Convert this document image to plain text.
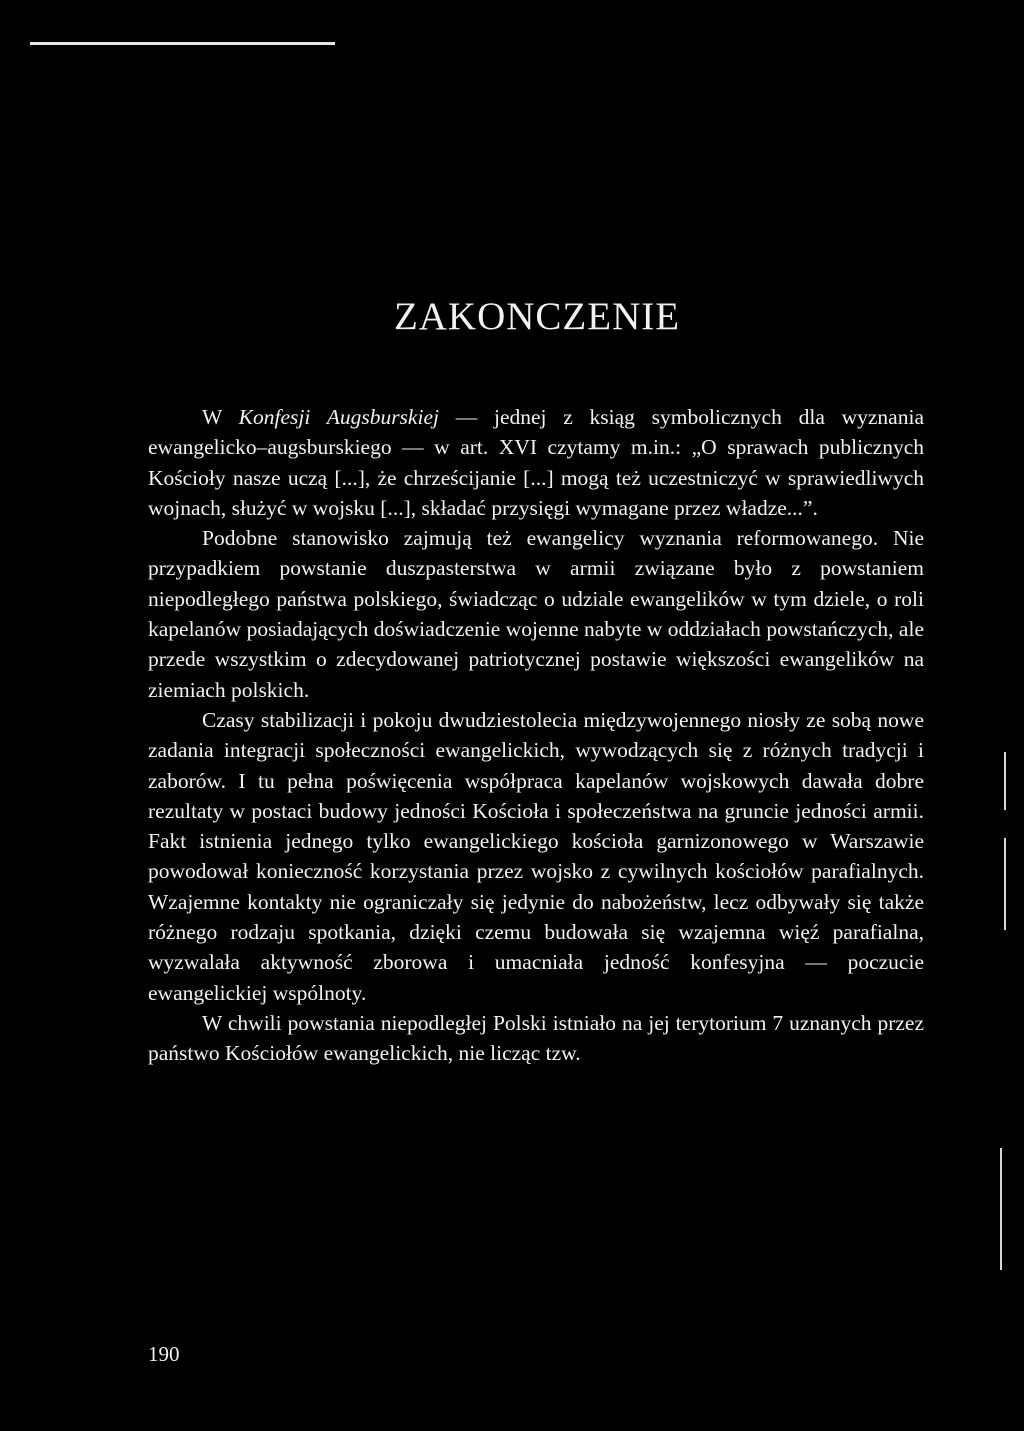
ZAKONCZENIE

W Konfesji Augsburskiej — jednej z ksiąg symbolicznych dla wyznania ewangelicko–augsburskiego — w art. XVI czytamy m.in.: „O sprawach publicznych Kościoły nasze uczą [...], że chrześcijanie [...] mogą też uczestniczyć w sprawiedliwych wojnach, służyć w wojsku [...], składać przysięgi wymagane przez władze...”.

Podobne stanowisko zajmują też ewangelicy wyznania reformowanego. Nie przypadkiem powstanie duszpasterstwa w armii związane było z powstaniem niepodległego państwa polskiego, świadcząc o udziale ewangelików w tym dziele, o roli kapelanów posiadających doświadczenie wojenne nabyte w oddziałach powstańczych, ale przede wszystkim o zdecydowanej patriotycznej postawie większości ewangelików na ziemiach polskich.

Czasy stabilizacji i pokoju dwudziestolecia międzywojennego niosły ze sobą nowe zadania integracji społeczności ewangelickich, wywodzących się z różnych tradycji i zaborów. I tu pełna poświęcenia współpraca kapelanów wojskowych dawała dobre rezultaty w postaci budowy jedności Kościoła i społeczeństwa na gruncie jedności armii. Fakt istnienia jednego tylko ewangelickiego kościoła garnizonowego w Warszawie powodował konieczność korzystania przez wojsko z cywilnych kościołów parafialnych. Wzajemne kontakty nie ograniczały się jedynie do nabożeństw, lecz odbywały się także różnego rodzaju spotkania, dzięki czemu budowała się wzajemna więź parafialna, wyzwalała aktywność zborowa i umacniała jedność konfesyjna — poczucie ewangelickiej wspólnoty.

W chwili powstania niepodległej Polski istniało na jej terytorium 7 uznanych przez państwo Kościołów ewangelickich, nie licząc tzw.

190
